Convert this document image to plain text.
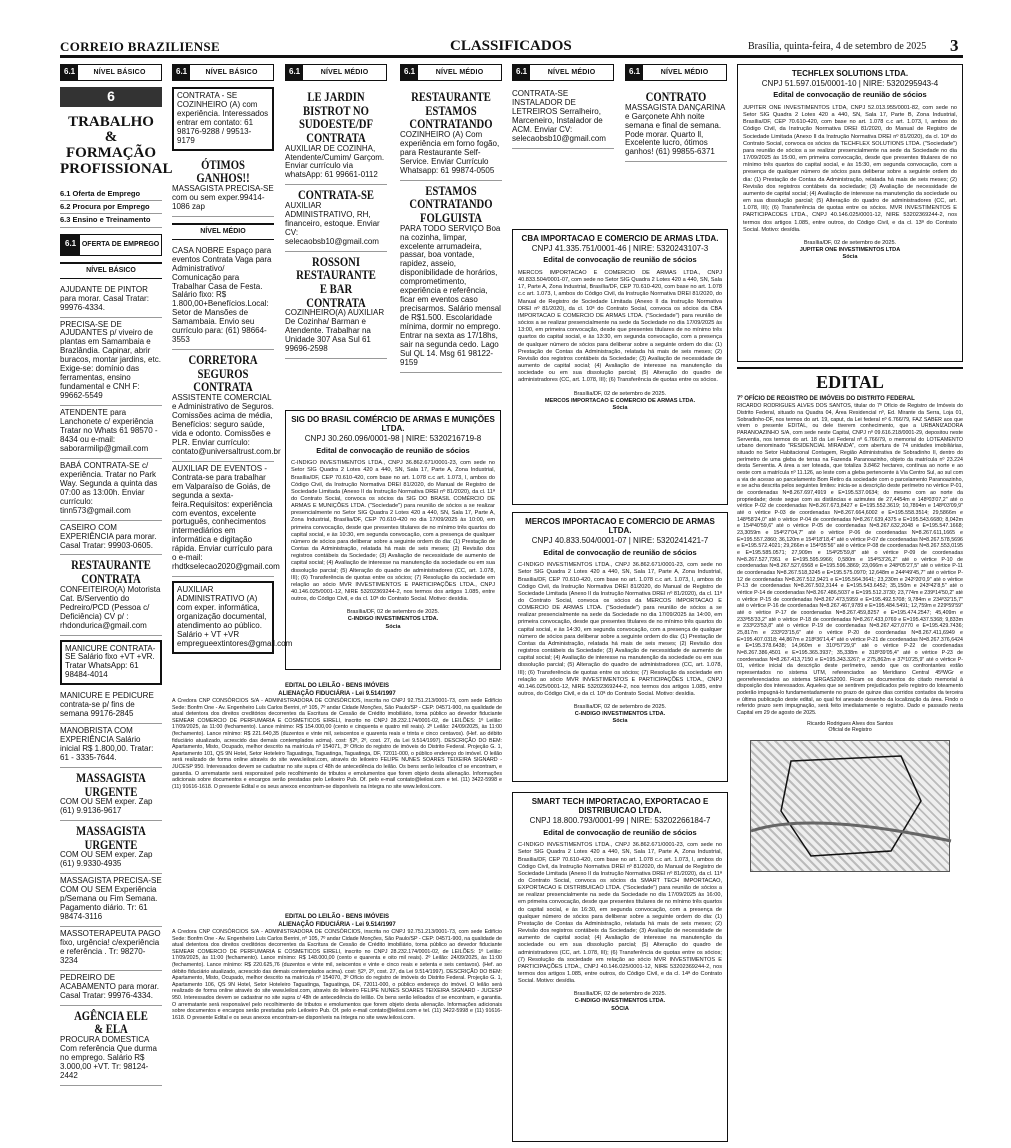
CORREIO BRAZILIENSE	CLASSIFICADOS	Brasília, quinta-feira, 4 de setembro de 2025 3
6.1	NÍVEL BÁSICO
6
TRABALHO & FORMAÇÃO PROFISSIONAL
6.1 Oferta de Emprego
6.2 Procura por Emprego
6.3 Ensino e Treinamento
6.1 OFERTA DE EMPREGO
NÍVEL BÁSICO
AJUDANTE DE PINTOR para morar. Casal Tratar: 99976-4334.
PRECISA-SE DE AJUDANTES p/ viveiro de plantas em Samambaia e Brazlândia. Capinar, abrir buracos, montar jardins, etc. Exige-se: domínio das ferramentas, ensino fundamental e CNH F: 99662-5549
ATENDENTE para Lanchonete c/ experiência Tratar no Whats 61 98570 - 8434 ou e-mail: saborarmilip@gmail.com
BABÁ CONTRATA-SE c/ experiência. Tratar no Park Way. Segunda a quinta das 07:00 as 13:00h. Enviar currículo: tinn573@gmail.com
CASEIRO COM EXPERIÊNCIA para morar. Casal Tratar: 99903-0605.
RESTAURANTE CONTRATA
CONFEITEIRO(A) Motorista Cat. B/Serventio do Pedreiro/PCD (Pessoa c/ Deficiência) CV p/ : rhdondurica@gmail.com
MANICURE CONTRATA-SE Salário fixo +VT +VR. Tratar WhatsApp: 61 98484-4014
MANICURE E PEDICURE contrata-se p/ fins de semana 99176-2845
MANOBRISTA COM EXPERIÊNCIA Salário inicial R$ 1.800,00. Tratar: 61 - 3335-7644.
MASSAGISTA URGENTE
COM OU SEM exper. Zap (61) 9.9136-9617
MASSAGISTA URGENTE
COM OU SEM exper. Zap (61) 9.9330-4935
MASSAGISTA PRECISA-SE COM OU SEM Experiência p/Semana ou Fim Semana. Pagamento diário. Tr: 61 98474-3116
MASSOTERAPEUTA PAGO fixo, urgência! c/experiência e referência . Tr: 98270-3234
PEDREIRO DE ACABAMENTO para morar. Casal Tratar: 99976-4334.
AGÊNCIA ELE & ELA
PROCURA DOMESTICA Com referência Que durma no emprego. Salário R$ 3.000,00 +VT. Tr: 98124-2442
6.1	NÍVEL BÁSICO
CONTRATA - SE COZINHEIRO (A) com experiência. Interessados entrar em contato: 61 98176-9288 / 99513-9179
ÓTIMOS GANHOS!!
MASSAGISTA PRECISA-SE com ou sem exper.99414-1086 zap
NÍVEL MÉDIO
CASA NOBRE Espaço para eventos Contrata Vaga para Administrativo/ Comunicação para Trabalhar Casa de Festa. Salário fixo: R$ 1.800,00+Benefícios.Local: Setor de Mansões de Samambaia. Envio seu currículo para: (61) 98664-3553
CORRETORA SEGUROS CONTRATA
ASSISTENTE COMERCIAL e Administrativo de Seguros. Comissões acima de média, Benefícios: seguro saúde, vida e odonto. Comissões e PLR. Enviar currículo: contato@universaltrust.com.br
AUXILIAR DE EVENTOS - Contrata-se para trabalhar em Valparaíso de Goiás, de segunda a sexta-feira.Requisitos: experiência com eventos, excelente português, conhecimentos intermediários em informática e digitação rápida. Enviar currículo para o e-mail: rhdtkselecao2020@gmail.com
AUXILIAR ADMINISTRATIVO (A) com exper. informática, organização documental, atendimento ao público. Salário + VT +VR empregueextintores@gmail.com
6.1	NÍVEL MÉDIO
LE JARDIN BISTROT NO SUDOESTE/DF CONTRATA
AUXILIAR DE COZINHA, Atendente/Cumim/ Garçom. Enviar currículo via whatsApp: 61 99661-0112
CONTRATA-SE
AUXILIAR ADMINISTRATIVO, RH, financeiro, estoque. Enviar CV: selecaobsb10@gmail.com
ROSSONI RESTAURANTE E BAR CONTRATA
COZINHEIRO(A) AUXILIAR De Cozinha/ Barman e Atendente. Trabalhar na Unidade 307 Asa Sul 61 99696-2598
6.1	NÍVEL MÉDIO
RESTAURANTE ESTAMOS CONTRATANDO
COZINHEIRO (A) Com experiência em forno fogão, para Restaurante Self-Service. Enviar Currículo Whatsapp: 61 99874-0505
ESTAMOS CONTRATANDO FOLGUISTA
PARA TODO SERVIÇO Boa na cozinha, limpar, excelente arrumadeira, passar, boa vontade, rapidez, asseio, disponibilidade de horários, comprometimento, experiência e referência, ficar em eventos caso precisarmos. Salário mensal de R$1.500. Escolaridade mínima, dormir no emprego. Entrar na sexta as 17/18hs, sair na segunda cedo. Lago Sul QL 14. Msg 61 98122-9159
6.1	NÍVEL MÉDIO
CONTRATA-SE INSTALADOR DE LETREIROS Serralheiro, Marceneiro, Instalador de ACM. Enviar CV: selecaobsb10@gmail.com
6.1	NÍVEL MÉDIO
CONTRATO
MASSAGISTA DANÇARINA e Garçonete Ahh noite semana e final de semana. Pode morar. Quarto ll, Excelente lucro, ótimos ganhos! (61) 99855-6371
TECHFLEX SOLUTIONS LTDA.
CNPJ 51.597.015/0001-10 | NIRE: 5320295943-4
Edital de convocação de reunião de sócios
JUPITER ONE INVESTIMENTOS LTDA, CNPJ 52.013.955/0001-82, com sede no Setor SIG Quadra 2 Lotes 420 a 440, SN, Sala 17, Parte B, Zona Industrial, Brasília/DF, CEP 70.610-420, com base no art. 1.078 c.c art. 1.073, I, ambos do Código Civil, da Instrução Normativa DREI 81/2020, do Manual de Registro de Sociedade Limitada (Anexo II da Instrução Normativa DREI nº 81/2020), da cl. 10ª do Contrato Social, convoca os sócios da TECHFLEX SOLUTIONS LTDA. ("Sociedade") para reunião de sócios a se realizar presencialmente na sede da Sociedade no dia 17/09/2025 às 15:00, em primeira convocação, desde que presentes titulares de no mínimo três quartos do capital social, e às 15:30, em segunda convocação, com a presença de qualquer número de sócios para deliberar sobre a seguinte ordem do dia: (1) Prestação de Contas da Administração, relatada há mais de seis meses; (2) Revisão dos registros contábeis da sociedade; (3) Avaliação de necessidade de aumento de capital social; (4) Avaliação de interesse na manutenção da sociedade ou em sua dissolução parcial; (5) Alteração do quadro de administradores (CC, art. 1.078, III); (6) Transferência de quotas entre os sócios. MVR INVESTIMENTOS E PARTICIPACOES LTDA., CNPJ 40.146.025/0001-12, NIRE 53202369244-2, nos termos dos artigos 1.085, entre outros, do Código Civil, e da cl. 13ª do Contrato Social. Motivo: desídia.
Brasília/DF, 02 de setembro de 2025.
JUPITER ONE INVESTIMENTOS LTDA
Sócia
CBA IMPORTACAO E COMERCIO DE ARMAS LTDA.
CNPJ 41.335.751/0001-46 | NIRE: 5320243107-3
Edital de convocação de reunião de sócios
MERCOS IMPORTACAO E COMERCIO DE ARMAS LTDA., CNPJ 40.833.504/0001-07, com sede no Setor SIG Quadra 2 Lotes 420 a 440, SN, Sala 17, Parte A, Zona Industrial, Brasília/DF, CEP 70.610-420, com base no art. 1.078 c.c art. 1.073, I, ambos do Código Civil, da Instrução Normativa DREI 81/2020, do Manual de Registro de Sociedade Limitada (Anexo II da Instrução Normativa DREI nº 81/2020), da cl. 10ª do Contrato Social, convoca os sócios da CBA IMPORTACAO E COMERCIO DE ARMAS LTDA. ("Sociedade") para reunião de sócios a se realizar presencialmente na sede da Sociedade no dia 17/09/2025 às 13:00, em primeira convocação, desde que presentes titulares de no mínimo três quartos do capital social, e às 13:30, em segunda convocação, com a presença de qualquer número de sócios para deliberar sobre a seguinte ordem do dia: (1) Prestação de Contas da Administração, relatada há mais de seis meses; (2) Revisão dos registros contábeis da Sociedade; (3) Avaliação de necessidade de aumento de capital social; (4) Avaliação de interesse na manutenção da sociedade ou em sua dissolução parcial; (5) Alteração do quadro de administradores (CC, art. 1.078, III); (6) Transferência de quotas entre os sócios.
Brasília/DF, 02 de setembro de 2025.
MERCOS IMPORTACAO E COMERCIO DE ARMAS LTDA.
Sócia
SIG DO BRASIL COMÉRCIO DE ARMAS E MUNIÇÕES LTDA.
CNPJ 30.260.096/0001-98 | NIRE: 5320216719-8
Edital de convocação de reunião de sócios
C-INDIGO INVESTIMENTOS LTDA., CNPJ 36.862.671/0001-23, com sede no Setor SIG Quadra 2 Lotes 420 a 440, SN, Sala 17, Parte A, Zona Industrial, Brasília/DF, CEP 70.610-420, com base no art. 1.078 c.c art. 1.073, I, ambos do Código Civil, da Instrução Normativa DREI 81/2020, do Manual de Registro de Sociedade Limitada (Anexo II da Instrução Normativa DREI nº 81/2020), da cl. 11ª do Contrato Social, convoca os sócios da SIG DO BRASIL COMÉRCIO DE ARMAS E MUNIÇÕES LTDA. ("Sociedade") para reunião de sócios a se realizar presencialmente no Setor SIG Quadra 2 Lotes 420 a 440, SN, Sala 17, Parte A, Zona Industrial, Brasília/DF, CEP 70.610-420 no dia 17/09/2025 às 10:00, em primeira convocação, desde que presentes titulares de no mínimo três quartos do capital social, e às 10:30, em segunda convocação, com a presença de qualquer número de sócios para deliberar sobre a seguinte ordem do dia: (1) Prestação de Contas da Administração, relatada há mais de seis meses; (2) Revisão dos registros contábeis da Sociedade; (3) Avaliação de necessidade de aumento de capital social; (4) Avaliação de interesse na manutenção da sociedade ou em sua dissolução parcial; (5) Alteração do quadro de administradores (CC, art. 1.078, III); (6) Transferência de quotas entre os sócios; (7) Resolução da sociedade em relação ao sócio MVR INVESTIMENTOS E PARTICIPAÇÕES LTDA., CNPJ 40.146.025/0001-12, NIRE 53202369244-2, nos termos dos artigos 1.085, entre outros, do Código Civil, e da cl. 10ª do Contrato Social. Motivo: desídia.
Brasília/DF, 02 de setembro de 2025.
C-INDIGO INVESTIMENTOS LTDA.
Sócia
MERCOS IMPORTACAO E COMERCIO DE ARMAS LTDA.
CNPJ 40.833.504/0001-07 | NIRE: 5320241421-7
Edital de convocação de reunião de sócios
C-INDIGO INVESTIMENTOS LTDA., CNPJ 36.862.671/0001-23, com sede no Setor SIG Quadra 2 Lotes 420 a 440, SN, Sala 17, Parte A, Zona Industrial, Brasília/DF, CEP 70.610-420, com base no art. 1.078 c.c art. 1.073, I, ambos do Código Civil, da Instrução Normativa DREI 81/2020, do Manual de Registro de Sociedade Limitada (Anexo II da Instrução Normativa DREI nº 81/2020), da cl. 11ª do Contrato Social, convoca os sócios da MERCOS IMPORTACAO E COMERCIO DE ARMAS LTDA. ("Sociedade") para reunião de sócios a se realizar presencialmente na sede da Sociedade no dia 17/09/2025 às 14:00, em primeira convocação, desde que presentes titulares de no mínimo três quartos do capital social, e às 14:30, em segunda convocação, com a presença de qualquer número de sócios para deliberar sobre a seguinte ordem do dia: (1) Prestação de Contas da Administração, relatada há mais de seis meses; (2) Revisão dos registros contábeis da Sociedade; (3) Avaliação de necessidade de aumento de capital social; (4) Avaliação de interesse na manutenção da sociedade ou em sua dissolução parcial; (5) Alteração do quadro de administradores (CC, art. 1.078, III); (6) Transferência de quotas entre os sócios; (7) Resolução da sociedade em relação ao sócio MVR INVESTIMENTOS E PARTICIPAÇÕES LTDA., CNPJ 40.146.025/0001-12, NIRE 53202369244-2, nos termos dos artigos 1.085, entre outros, do Código Civil, e da cl. 10ª do Contrato Social. Motivo: desídia.
Brasília/DF, 02 de setembro de 2025.
C-INDIGO INVESTIMENTOS LTDA.
Sócia
SMART TECH IMPORTACAO, EXPORTACAO E DISTRIBUICAO LTDA.
CNPJ 18.800.793/0001-99 | NIRE: 53202266184-7
Edital de convocação de reunião de sócios
C-INDIGO INVESTIMENTOS LTDA., CNPJ 36.862.671/0001-23, com sede no Setor SIG Quadra 2 Lotes 420 a 440, SN, Sala 17, Parte A, Zona Industrial, Brasília/DF, CEP 70.610-420, com base no art. 1.078 c.c art. 1.073, I, ambos do Código Civil, da Instrução Normativa DREI nº 81/2020, do Manual de Registro de Sociedade Limitada (Anexo II da Instrução Normativa DREI nº 81/2020), da cl. 11ª do Contrato Social, convoca os sócios da SMART TECH IMPORTACAO, EXPORTACAO E DISTRIBUICAO LTDA. ("Sociedade") para reunião de sócios a se realizar presencialmente na sede da Sociedade no dia 17/09/2025 às 16:00, em primeira convocação, desde que presentes titulares de no mínimo três quartos do capital social, e às 16:30, em segunda convocação, com a presença de qualquer número de sócios para deliberar sobre a seguinte ordem do dia: (1) Prestação de Contas da Administração, relatada há mais de seis meses; (2) Revisão dos registros contábeis da Sociedade; (3) Avaliação de necessidade de aumento de capital social; (4) Avaliação de interesse na manutenção da sociedade ou em sua dissolução parcial; (5) Alteração do quadro de administradores (CC, art. 1.078, III); (6) Transferência de quotas entre os sócios; (7) Resolução da sociedade em relação ao sócio MVR INVESTIMENTOS E PARTICIPAÇÕES LTDA., CNPJ 40.146.025/0001-12, NIRE 53202369244-2, nos termos dos artigos 1.085, entre outros, do Código Civil, e da cl. 14ª do Contrato Social. Motivo: desídia.
Brasília/DF, 02 de setembro de 2025.
C-INDIGO INVESTIMENTOS LTDA.
SÓCIA
EDITAL DO LEILÃO - BENS IMÓVEIS
ALIENAÇÃO FIDUCIÁRIA - Lei 9.514/1997
A Credora CNP CONSÓRCIOS S/A - ADMINISTRADORA DE CONSÓRCIOS, inscrita no CNPJ 92.751.213/0001-73, com sede Edifício Sede: Bonfm One - Av. Engenheiro Luís Carlos Berrini, nº 105, 7º andar Cidade Monções, São Paulo/SP - CEP: 04571-900, na qualidade de atual detentora dos direitos creditórios decorrentes da Escritura de Cessão de Crédito imobiliário, torna público ao devedor fiduciante SEMEAR COMERCIO DE PERFUMARIA E COSMETICOS EIRELI, inscrito no CNPJ 28.232.174/0001-02, de LEILÕES: 1º Leilão: 17/09/2025, às 11:00 (fechamento). Lance mínimo: R$ 154.000,00 (cento e cinquenta e quatro mil reais). 2º Leilão: 24/09/2025, às 11:00 (fechamento). Lance mínimo: R$ 221.640,35 (duzentos e vinte mil, seiscentos e quarenta reais e trinta e cinco centavos). (Hef. ao débito fiduciário atualizado, acrescido das demais contemplados acima). cost: §2º, 2º, cost. 27, da Lei 9.514/1997). DESCRIÇÃO DO BEM: Apartamento, Misto, Ocupado, melhor descrito na matrícula nº 154071, 3º Ofício do registro de imóveis do Distrito Federal. Projeção G. 1, Apartamento 101, QS 9N Hotel, Setor Hoteleiro Taguatinga, Taguatinga, Taguatinga, DF, 72011-000, o público endereço do imóvel. O leilão será realizado de forma online através do site www.leilosi.com, através do leiloeiro FELIPE NUNES SOARES TEIXEIRA SIGNARD - JUCESP 950. Interessados devem se cadastrar no site supra c/ 48h de antecedência do leilão. Os bens serão leiloados cf se encontram, e garantia. O arrematante será responsável pelo recolhimento de tributos e emolumentos que forem objeto desta alienação. Informações adicionais sobre documentos e encargos serão prestadas pelo Leiloeiro Pub. Of. pelo e-mail contato@leilosi.com e tel. (11) 3422-5998 e (11) 91616-1618. O presente Edital e os seus anexos encontram-se disponíveis na íntegra no site www.leilosi.com.
EDITAL DO LEILÃO - BENS IMÓVEIS
ALIENAÇÃO FIDUCIÁRIA - Lei 9.514/1997
A Credora CNP CONSÓRCIOS S/A - ADMINISTRADORA DE CONSÓRCIOS, inscrita no CNPJ 92.751.213/0001-73, com sede Edifício Sede: Bonfm One - Av. Engenheiro Luís Carlos Berrini, nº 105, 7º andar Cidade Monções, São Paulo/SP - CEP: 04571-900, na qualidade de atual detentora dos direitos creditórios decorrentes da Escritura de Cessão de Crédito imobiliário, torna público ao devedor fiduciante SEMEAR COMERCIO DE PERFUMARIA E COSMETICOS EIRELI, inscrito no CNPJ 28.232.174/0001-02, de LEILÕES: 1º Leilão: 17/09/2025, às 11:00 (fechamento). Lance mínimo: R$ 148.000,00 (cento e quarenta e oito mil reais). 2º Leilão: 24/09/2025, às 11:00 (fechamento). Lance mínimo: R$ 220.625,76 (duzentos e vinte mil, seiscentos e vinte e cinco reais e setenta e seis centavos). (Hef. ao débito fiduciário atualizado, acrescido das demais contemplados acima). cost: §2º, 2º, cost. 27, da Lei 9.514/1997). DESCRIÇÃO DO BEM: Apartamento, Misto, Ocupado, melhor descrito na matrícula nº 154070, 3º Ofício do registro de imóveis do Distrito Federal. Projeção G. 1, Apartamento 106, QS 9N Hotel, Setor Hoteleiro Taguatinga, Taguatinga, DF, 72011-000, o público endereço do imóvel. O leilão será realizado de forma online através do site www.leilosi.com, através do leiloeiro FELIPE NUNES SOARES TEIXEIRA SIGNARD - JUCESP 950. Interessados devem se cadastrar no site supra c/ 48h de antecedência do leilão. Os bens serão leiloados cf se encontram, e garantia. O arrematante será responsável pelo recolhimento de tributos e emolumentos que forem objeto desta alienação. Informações adicionais sobre documentos e encargos serão prestadas pelo Leiloeiro Pub. Of. pelo e-mail contato@leilosi.com e tel. (11) 3422-5998 e (11) 91616-1618. O presente Edital e os seus anexos encontram-se disponíveis na íntegra no site www.leilosi.com.
EDITAL
7º OFÍCIO DE REGISTRO DE IMÓVEIS DO DISTRITO FEDERAL
RICARDO RODRIGUES ALVES DOS SANTOS, titular do 7º Ofício de Registro de Imóveis do Distrito Federal, situado na Quadra 04, Área Residencial nº, Ed. Mirante da Serra, Loja 01, Sobradinho-DF, nos termos do art. 19, caput, da Lei federal nº 6.766/79, FAZ SABER aos que virem o presente EDITAL, ou dele tiverem conhecimento, que a URBANIZADORA PARANOAZINHO S/A, com sede neste Capital, CNPJ nº 09.616.218/0001-29, depositou neste Serventia, nos termos do art. 18 da Lei Federal nº 6.766/79, o memorial do LOTEAMENTO urbano denominado "RESIDENCIAL MIRANDA", com abertura de 74 unidades imobiliárias, situado no Setor Habitacional Contagem, Região Administrativa de Sobradinho II, dentro do perímetro de uma gleba de terras na Fazenda Paranoazinho, objeto da matrícula nº 23.224 desta Serventia. A área a ser loteada, que totaliza 3.8462 hectares, contínua ao norte e ao oeste com a matrícula nº 11.126, ao leste com a gleba pertencente à Via Centro Sul, ao sul com a via de acesso ao parcelamento Bom Retiro da sociedade com o parcelamento Paranoazinho, e se acha descrita pelos seguintes limites: inicia-se a descrição deste perímetro no vértice P-01, de coordenadas N=8.267.697,4919 e E=195.537.0634; do mesmo com ao norte da propriedade; deste segue com as distâncias e azimutes de 27,4454m e 148º03'07,2" até o vértice P-02 de coordenadas N=8.267.673,8427 e E=195.552.3619; 10,7894m e 148º03'09,9" até o vértice P-03 de coordenadas N=8.267.664,6002 e E=195.558.3514; 29,5866m e 148º58'24,0" até o vértice P-04 de coordenadas N=8.267.639,4375 e E=195.543.6680; 8,042m e 154º40'59,6" até o vértice P-05 de coordenadas N=8.267.632,2048 e E=195.547.1668; 23,3059m e 154º27'04,7" até o vértice P-06 de coordenadas N=8.267.611,1665 e E=195.557.2860; 36,120m e 154º18'18,4" até o vértice P-07 de coordenadas N=8.267.578,5696 e E=195.572.4021; 29,266m e 154º35'56" até o vértice P-08 de coordenadas N=8.267.553,0195 e E=195.585.0571; 27,909m e 154º25'59,8" até o vértice P-09 de coordenadas N=8.267.527,7361 e E=195.595.9966; 0,580m e 154º53'26,2" até o vértice P-10 de coordenadas N=8.267.527,6568 e E=195.596.3869; 23,066m e 248º05'27,5" até o vértice P-11 de coordenadas N=8.267.518,3245 e E=195.575.0970; 12,648m e 244º49'45,7" até o vértice P-12 de coordenadas N=8.267.512,9421 e E=195.564.3641; 23,230m e 242º20'0,9" até o vértice P-13 de coordenadas N=8.267.502,3144 e E=195.543.6452; 35,150m e 243º42'8,5" até o vértice P-14 de coordenadas N=8.267.486,5037 e E=195.512.3730; 23,774m e 239º14'50,2" até o vértice P-15 de coordenadas N=8.267.473,5959 e E=195.492.5708; 9,784m e 234º32'15,7" até o vértice P-16 de coordenadas N=8.267.467,9789 e E=195.484.5491; 12,759m e 229º59'59" até o vértice P-17 de coordenadas N=8.267.459,8257 e E=195.474.2547; 45,409m e 233º55'33,2" até o vértice P-18 de coordenadas N=8.267.433,0769 e E=195.437.5368; 9,833m e 233º23'53,8" até o vértice P-19 de coordenadas N=8.267.427,0770 e E=195.429.7436; 25,817m e 233º23'15,6" até o vértice P-20 de coordenadas N=8.267.411,6949 e E=195.407.0318; 44,867m e 218º36'14,4" até o vértice P-21 de coordenadas N=8.267.376,6424 e E=195.378.6438; 14,960m e 310º57'29,9" até o vértice P-22 de coordenadas N=8.267.386,4501 e E=195.365.3937; 35,338m e 318º39'05,4" até o vértice P-23 de coordenadas N=8.267.413,7150 e E=195.343.3267; e 275,862m e 37º10'25,9" até o vértice P-01, vértice inicial da descrição deste perímetro, sendo que os confrontantes estão representados no sistema UTM, referenciados ao Meridiano Central 45ºWGr e georreferenciados ao sistema SIRGAS2000. Ficam os documentos do citado memorial à disposição dos interessados. Aqueles que se sentirem prejudicados pelo registro do loteamento poderão impugná-lo fundamentadamente no prazo de quinze dias corridos contados da terceira e última publicação deste edital, ao qual foi anexado desenho da localização da área. Findo o referido prazo sem impugnação, será feito imediatamente o registro. Dado e passado nesta Capital em 29 de agosto de 2025.
Ricardo Rodrigues Alves dos Santos
Oficial de Registro
